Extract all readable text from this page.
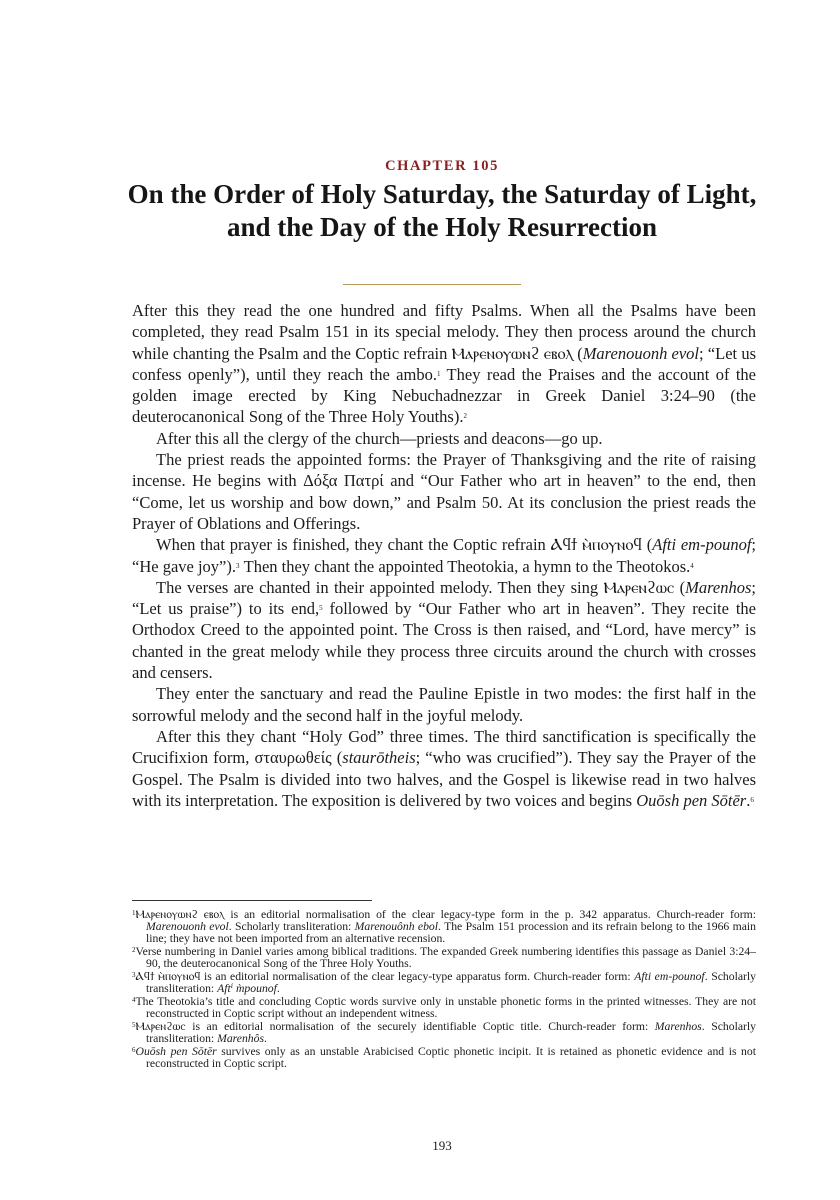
CHAPTER 105
On the Order of Holy Saturday, the Saturday of Light, and the Day of the Holy Resurrection

After this they read the one hundred and fifty Psalms. When all the Psalms have been completed, they read Psalm 151 in its special melody. They then process around the church while chanting the Psalm and the Coptic refrain Ⲙⲁⲣⲉⲛⲟⲩⲱⲛϩ ⲉⲃⲟⲗ (Marenouonh evol; “Let us confess openly”), until they reach the ambo.$^1$ They read the Praises and the account of the golden image erected by King Nebuchadnezzar in Greek Daniel 3:24–90 (the deuterocanonical Song of the Three Holy Youths).$^2$

After this all the clergy of the church—priests and deacons—go up.

The priest reads the appointed forms: the Prayer of Thanksgiving and the rite of raising incense. He begins with Δόξα Πατρί and “Our Father who art in heaven” to the end, then “Come, let us worship and bow down,” and Psalm 50. At its conclusion the priest reads the Prayer of Oblations and Offerings.

When that prayer is finished, they chant the Coptic refrain Ⲁϥϯ ⲙ̀ⲡⲟⲩⲛⲟϥ (Afti em-pounof; “He gave joy”).$^3$ Then they chant the appointed Theotokia, a hymn to the Theotokos.$^4$

The verses are chanted in their appointed melody. Then they sing Ⲙⲁⲣⲉⲛϩⲱⲥ (Marenhos; “Let us praise”) to its end,$^5$ followed by “Our Father who art in heaven”. They recite the Orthodox Creed to the appointed point. The Cross is then raised, and “Lord, have mercy” is chanted in the great melody while they process three circuits around the church with crosses and censers.

They enter the sanctuary and read the Pauline Epistle in two modes: the first half in the sorrowful melody and the second half in the joyful melody.

After this they chant “Holy God” three times. The third sanctification is specifically the Crucifixion form, σταυρωθείς (staurōtheis; “who was crucified”). They say the Prayer of the Gospel. The Psalm is divided into two halves, and the Gospel is likewise read in two halves with its interpretation. The exposition is delivered by two voices and begins Ouōsh pen Sōtēr.$^6$

$^1$Ⲙⲁⲣⲉⲛⲟⲩⲱⲛϩ ⲉⲃⲟⲗ is an editorial normalisation of the clear legacy-type form in the p. 342 apparatus. Church-reader form: Marenouonh evol. Scholarly transliteration: Marenouônh ebol. The Psalm 151 procession and its refrain belong to the 1966 main line; they have not been imported from an alternative recension.

$^2$Verse numbering in Daniel varies among biblical traditions. The expanded Greek numbering identifies this passage as Daniel 3:24–90, the deuterocanonical Song of the Three Holy Youths.

$^3$Ⲁϥϯ ⲙ̀ⲡⲟⲩⲛⲟϥ is an editorial normalisation of the clear legacy-type apparatus form. Church-reader form: Afti em-pounof. Scholarly transliteration: Aftⁱ m̀pounof.

$^4$The Theotokia’s title and concluding Coptic words survive only in unstable phonetic forms in the printed witnesses. They are not reconstructed in Coptic script without an independent witness.

$^5$Ⲙⲁⲣⲉⲛϩⲱⲥ is an editorial normalisation of the securely identifiable Coptic title. Church-reader form: Marenhos. Scholarly transliteration: Marenhôs.

$^6$Ouōsh pen Sōtēr survives only as an unstable Arabicised Coptic phonetic incipit. It is retained as phonetic evidence and is not reconstructed in Coptic script.

193
